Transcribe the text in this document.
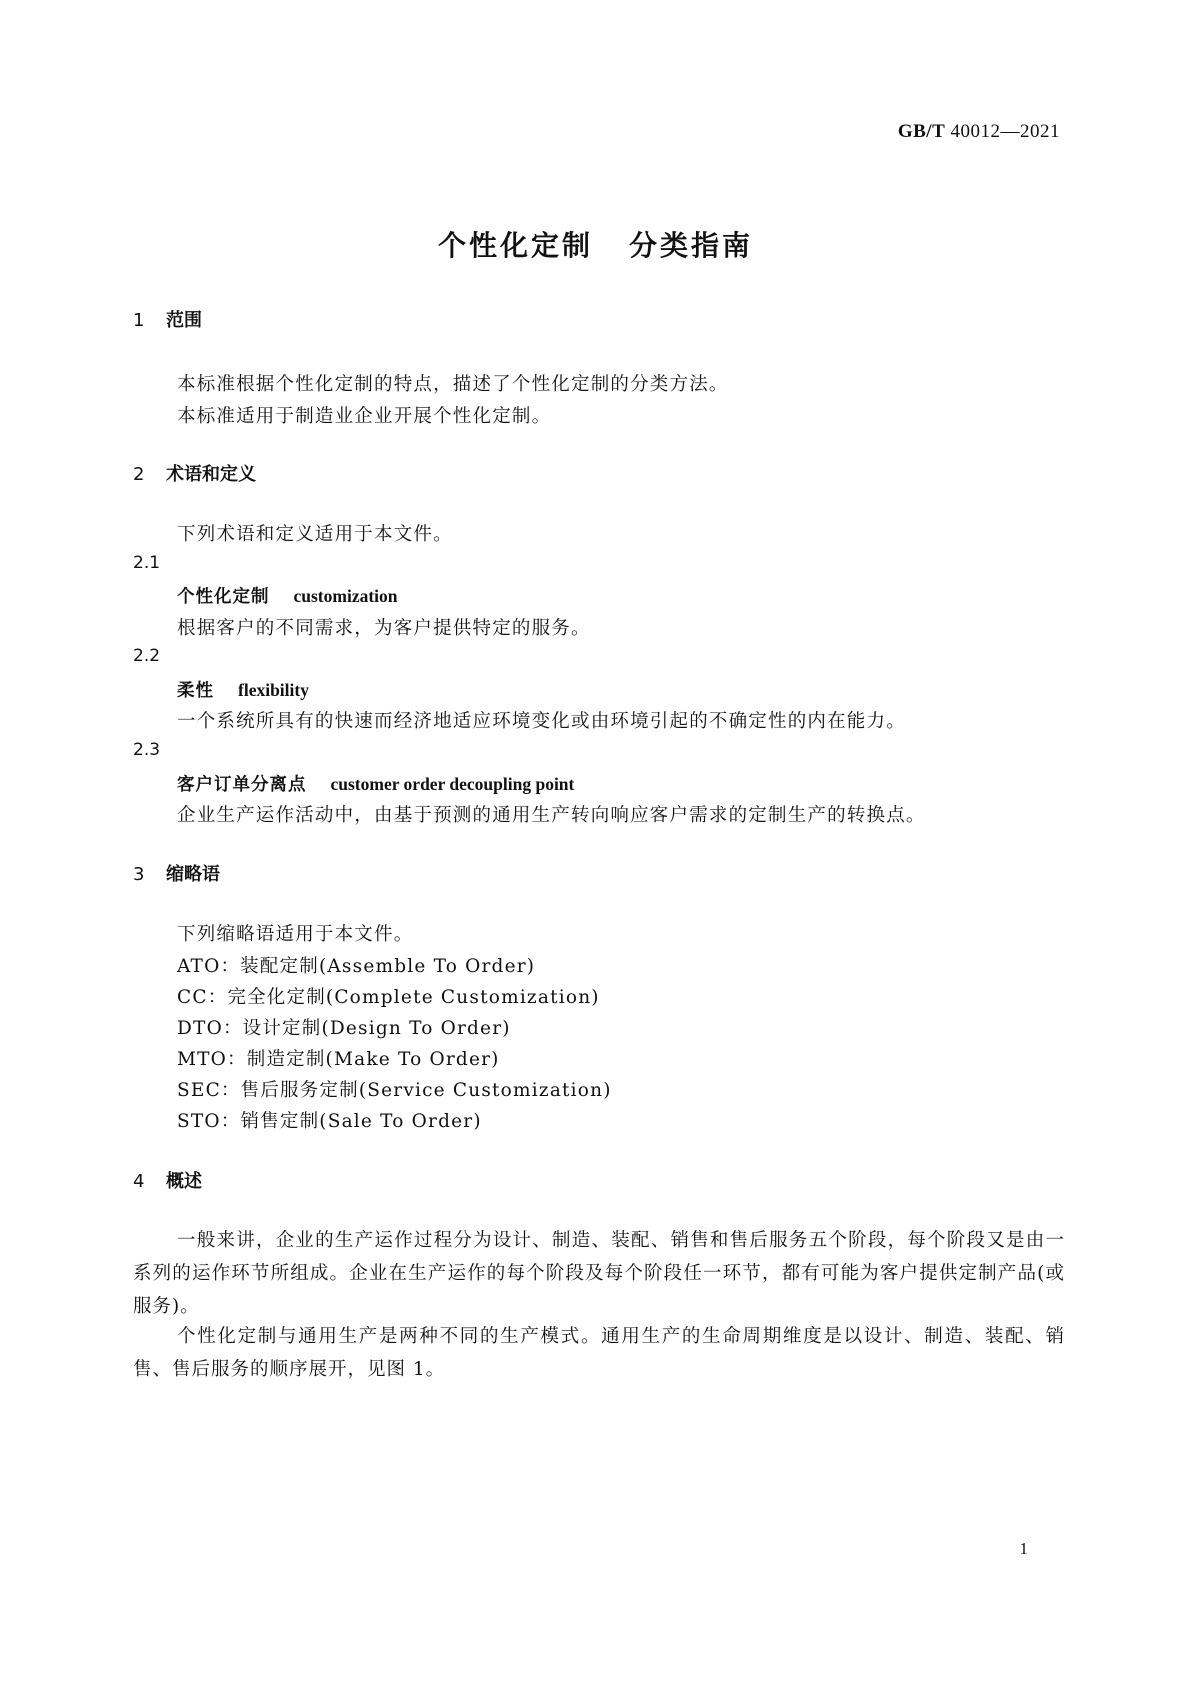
GB/T 40012—2021
个性化定制 分类指南
1 范围
本标准根据个性化定制的特点，描述了个性化定制的分类方法。
本标准适用于制造业企业开展个性化定制。
2 术语和定义
下列术语和定义适用于本文件。
2.1
个性化定制 customization
根据客户的不同需求，为客户提供特定的服务。
2.2
柔性 flexibility
一个系统所具有的快速而经济地适应环境变化或由环境引起的不确定性的内在能力。
2.3
客户订单分离点 customer order decoupling point
企业生产运作活动中，由基于预测的通用生产转向响应客户需求的定制生产的转换点。
3 缩略语
下列缩略语适用于本文件。
ATO：装配定制(Assemble To Order)
CC：完全化定制(Complete Customization)
DTO：设计定制(Design To Order)
MTO：制造定制(Make To Order)
SEC：售后服务定制(Service Customization)
STO：销售定制(Sale To Order)
4 概述
一般来讲，企业的生产运作过程分为设计、制造、装配、销售和售后服务五个阶段，每个阶段又是由一系列的运作环节所组成。企业在生产运作的每个阶段及每个阶段任一环节，都有可能为客户提供定制产品(或服务)。
个性化定制与通用生产是两种不同的生产模式。通用生产的生命周期维度是以设计、制造、装配、销售、售后服务的顺序展开，见图 1。
1
